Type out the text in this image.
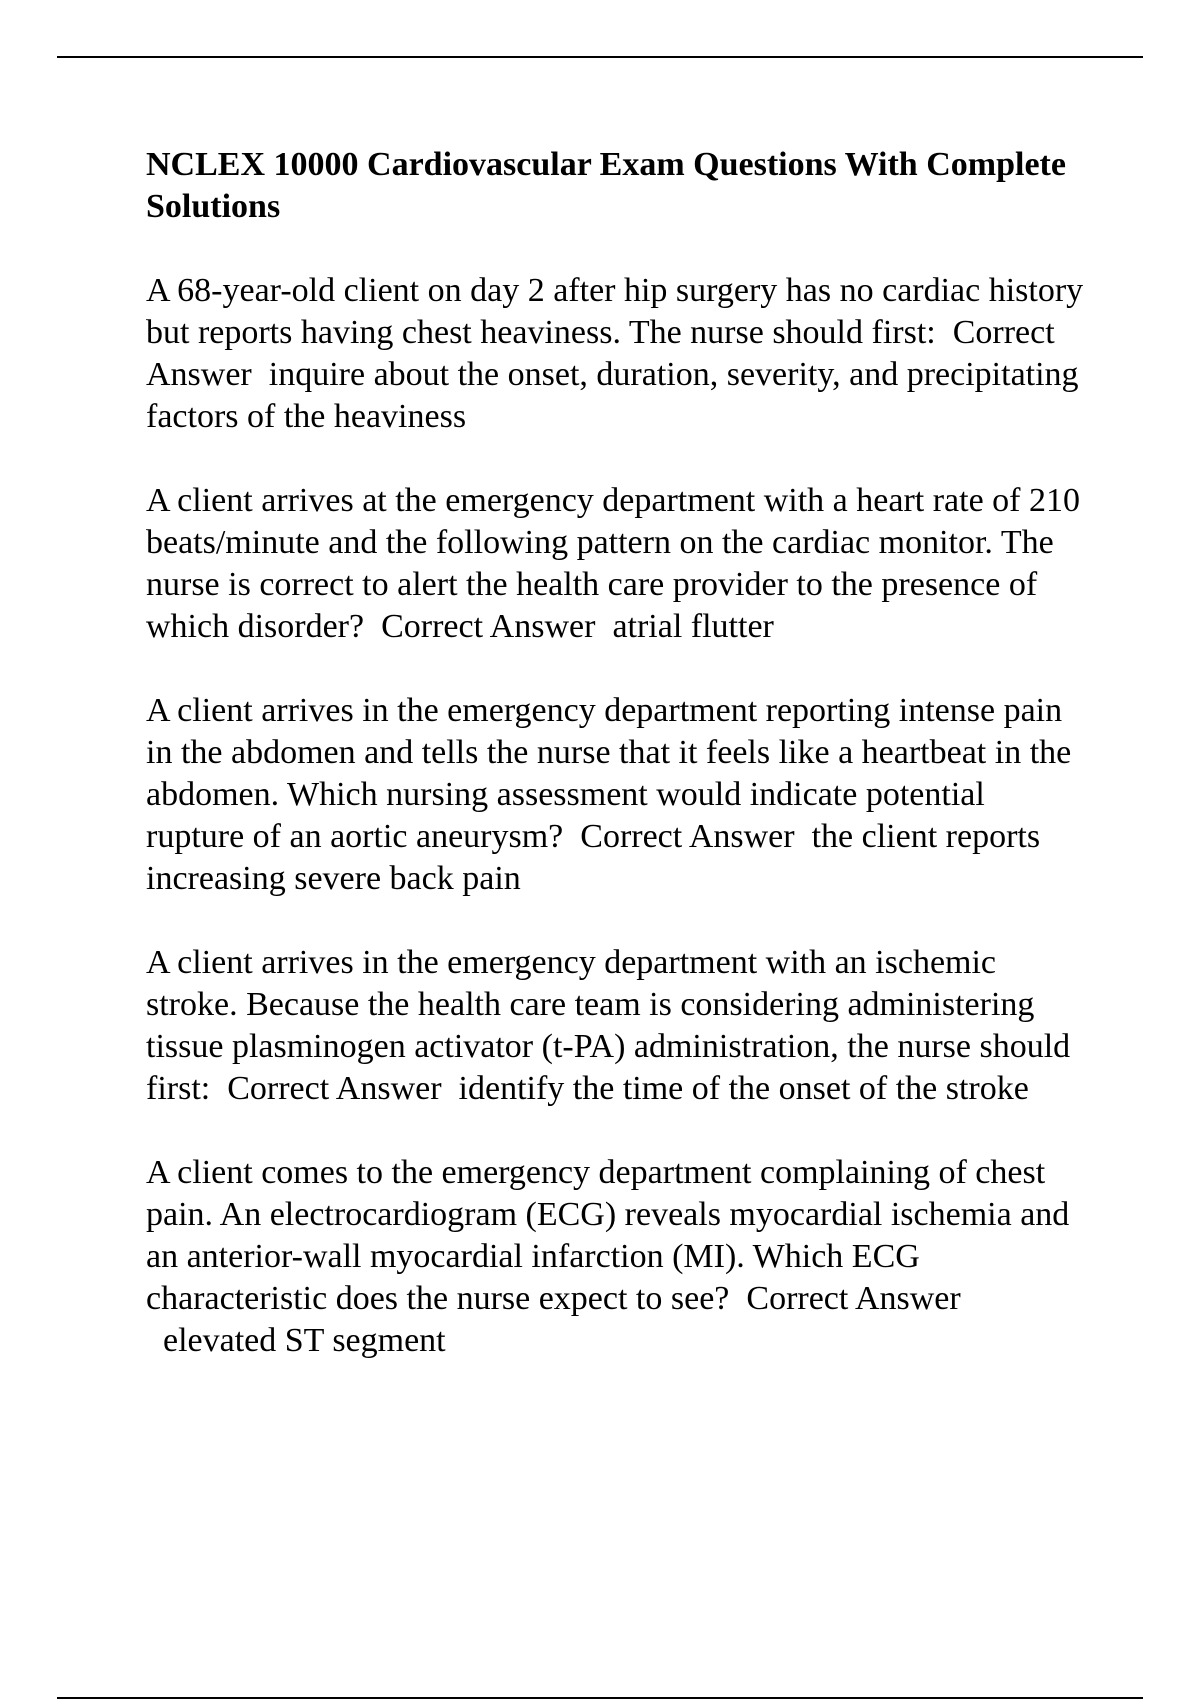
NCLEX 10000 Cardiovascular Exam Questions With Complete Solutions

A 68-year-old client on day 2 after hip surgery has no cardiac history but reports having chest heaviness. The nurse should first: Correct Answer inquire about the onset, duration, severity, and precipitating factors of the heaviness

A client arrives at the emergency department with a heart rate of 210 beats/minute and the following pattern on the cardiac monitor. The nurse is correct to alert the health care provider to the presence of which disorder? Correct Answer atrial flutter

A client arrives in the emergency department reporting intense pain in the abdomen and tells the nurse that it feels like a heartbeat in the abdomen. Which nursing assessment would indicate potential rupture of an aortic aneurysm? Correct Answer the client reports increasing severe back pain

A client arrives in the emergency department with an ischemic stroke. Because the health care team is considering administering tissue plasminogen activator (t-PA) administration, the nurse should first: Correct Answer identify the time of the onset of the stroke

A client comes to the emergency department complaining of chest pain. An electrocardiogram (ECG) reveals myocardial ischemia and an anterior-wall myocardial infarction (MI). Which ECG characteristic does the nurse expect to see? Correct Answer  elevated ST segment
